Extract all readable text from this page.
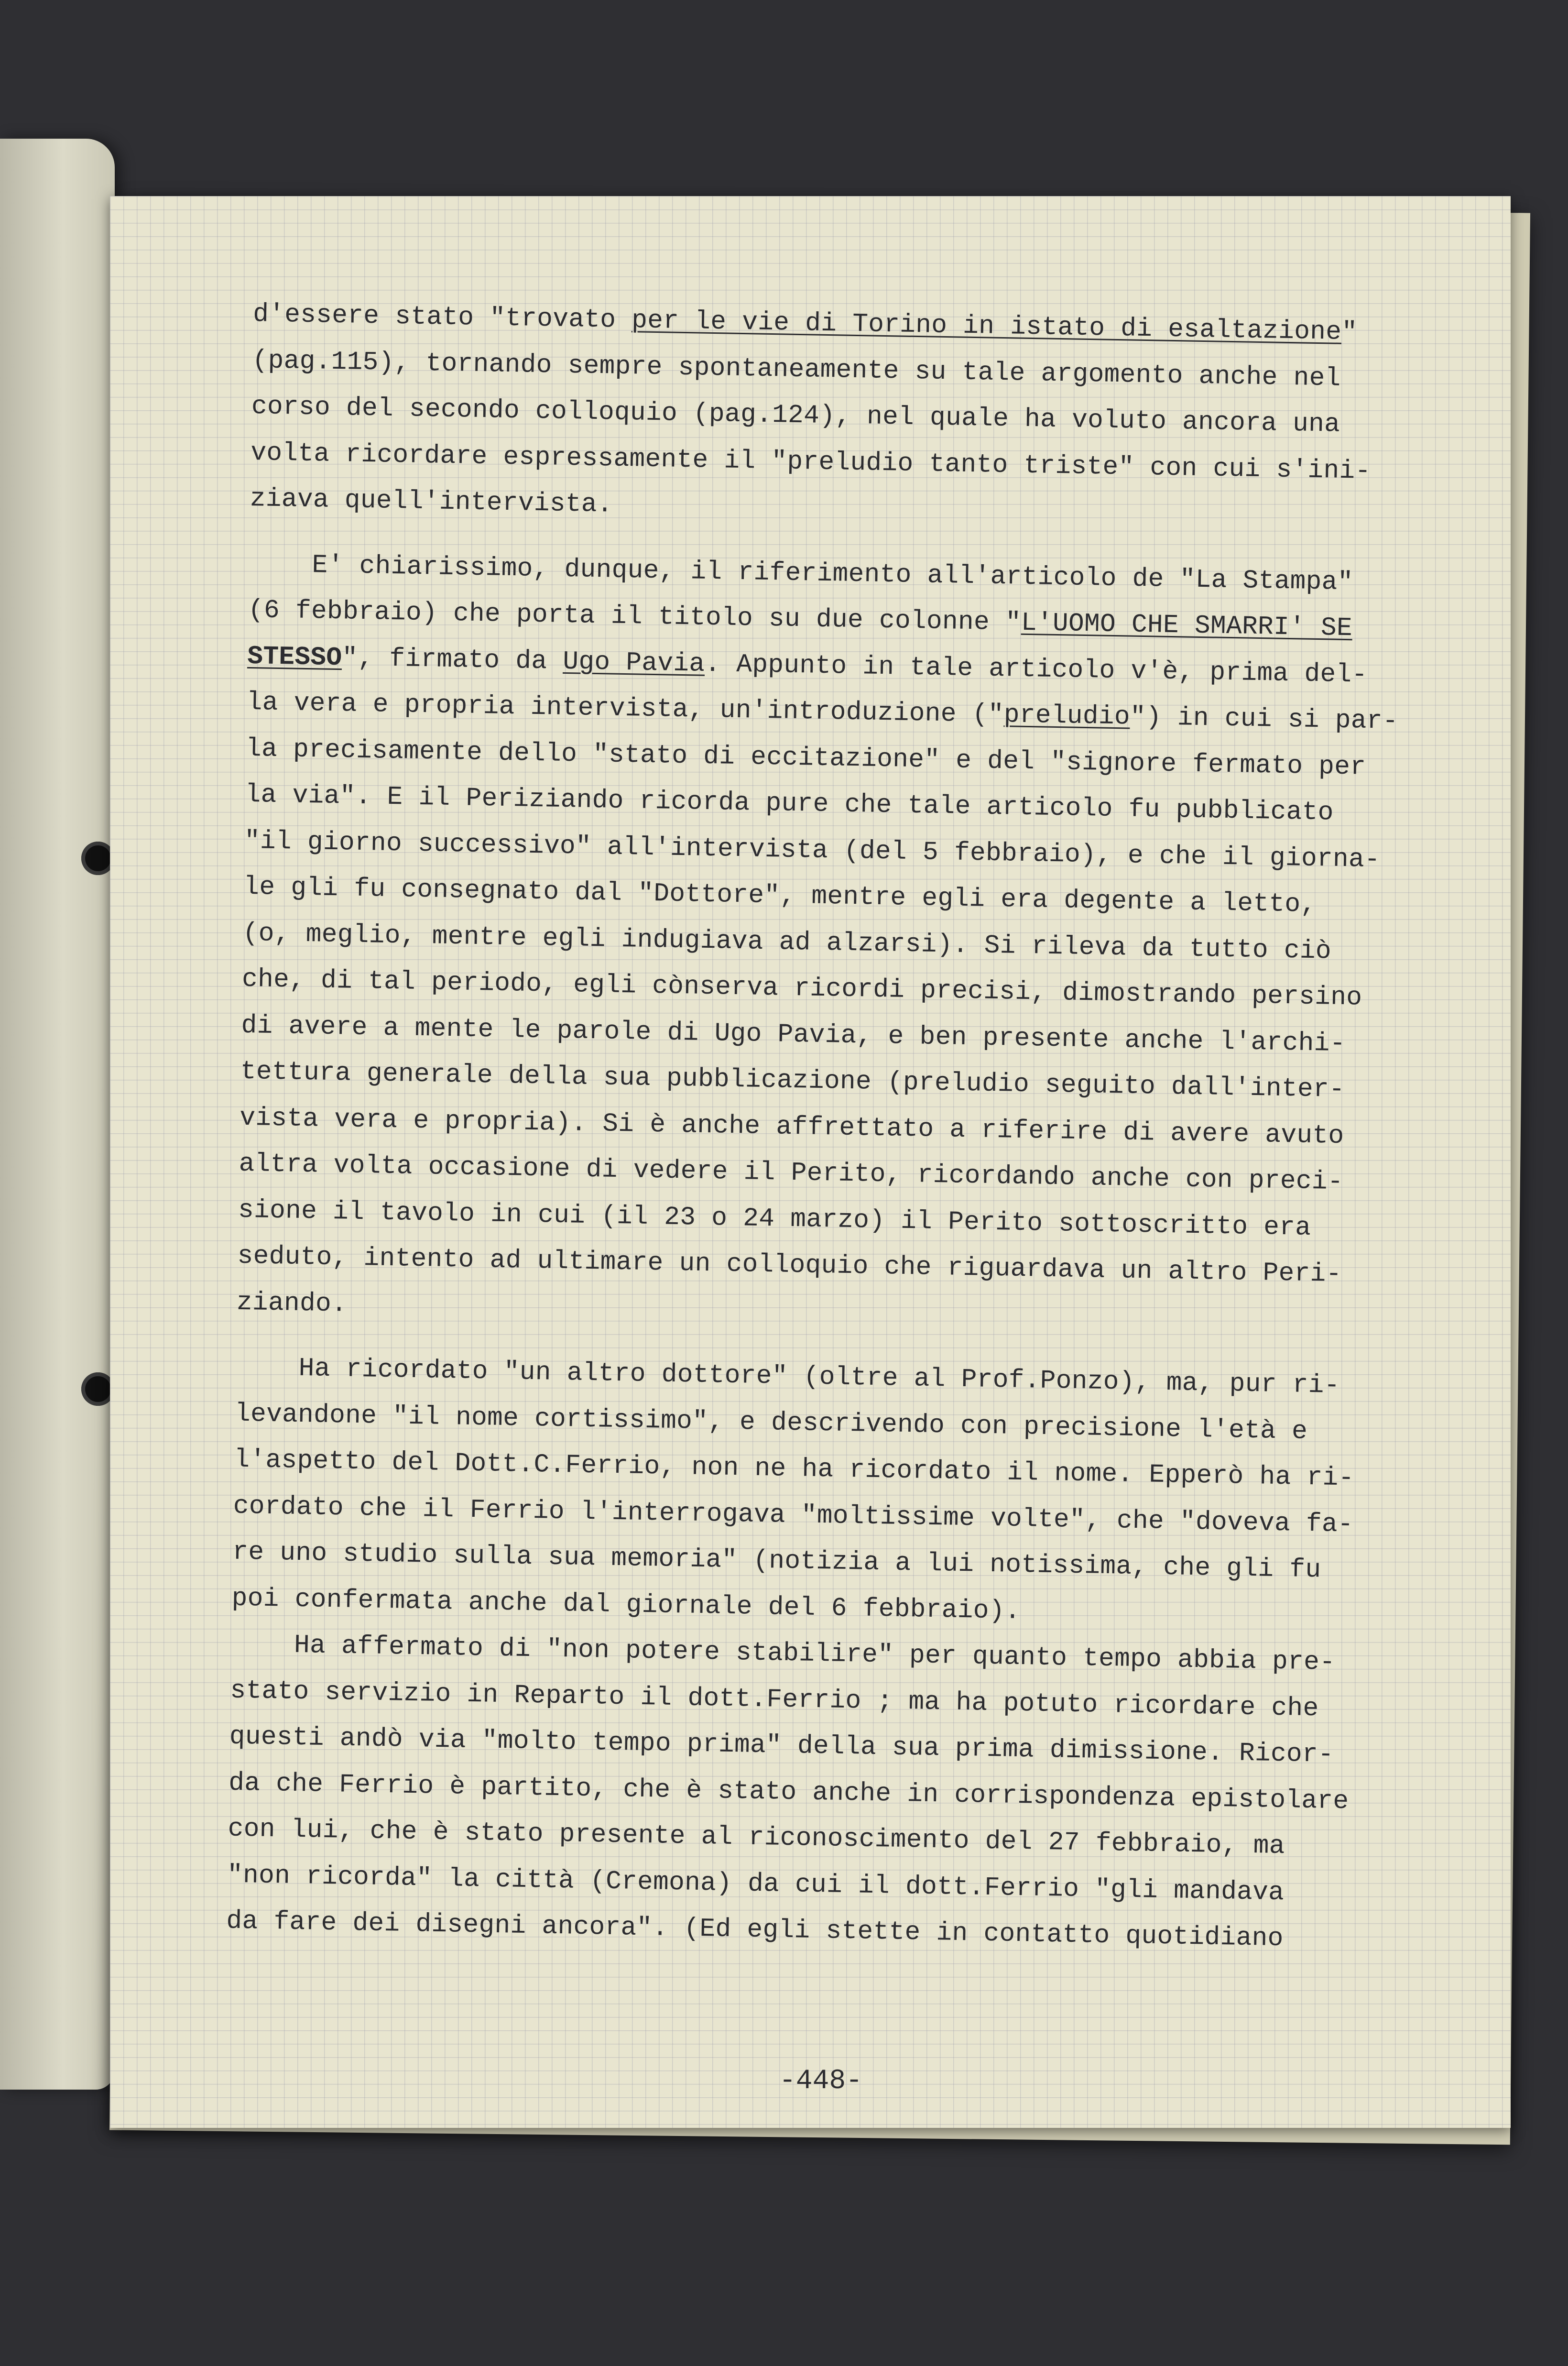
d'essere stato "trovato per le vie di Torino in istato di esaltazione"
(pag.115), tornando sempre spontaneamente su tale argomento anche nel
corso del secondo colloquio (pag.124), nel quale ha voluto ancora una
volta ricordare espressamente il "preludio tanto triste" con cui s'ini-
ziava quell'intervista.
E' chiarissimo, dunque, il riferimento all'articolo de "La Stampa"
(6 febbraio) che porta il titolo su due colonne "L'UOMO CHE SMARRI' SE
STESSO", firmato da Ugo Pavia. Appunto in tale articolo v'è, prima del-
la vera e propria intervista, un'introduzione ("preludio") in cui si par-
la precisamente dello "stato di eccitazione" e del "signore fermato per
la via". E il Periziando ricorda pure che tale articolo fu pubblicato
"il giorno successivo" all'intervista (del 5 febbraio), e che il giorna-
le gli fu consegnato dal "Dottore", mentre egli era degente a letto,
(o, meglio, mentre egli indugiava ad alzarsi). Si rileva da tutto ciò
che, di tal periodo, egli cònserva ricordi precisi, dimostrando persino
di avere a mente le parole di Ugo Pavia, e ben presente anche l'archi-
tettura generale della sua pubblicazione (preludio seguito dall'inter-
vista vera e propria). Si è anche affrettato a riferire di avere avuto
altra volta occasione di vedere il Perito, ricordando anche con preci-
sione il tavolo in cui (il 23 o 24 marzo) il Perito sottoscritto era
seduto, intento ad ultimare un colloquio che riguardava un altro Peri-
ziando.
Ha ricordato "un altro dottore" (oltre al Prof.Ponzo), ma, pur ri-
levandone "il nome cortissimo", e descrivendo con precisione l'età e
l'aspetto del Dott.C.Ferrio, non ne ha ricordato il nome. Epperò ha ri-
cordato che il Ferrio l'interrogava "moltissime volte", che "doveva fa-
re uno studio sulla sua memoria" (notizia a lui notissima, che gli fu
poi confermata anche dal giornale del 6 febbraio).
Ha affermato di "non potere stabilire" per quanto tempo abbia pre-
stato servizio in Reparto il dott.Ferrio ; ma ha potuto ricordare che
questi andò via "molto tempo prima" della sua prima dimissione. Ricor-
da che Ferrio è partito, che è stato anche in corrispondenza epistolare
con lui, che è stato presente al riconoscimento del 27 febbraio, ma
"non ricorda" la città (Cremona) da cui il dott.Ferrio "gli mandava
da fare dei disegni ancora". (Ed egli stette in contatto quotidiano
-448-
